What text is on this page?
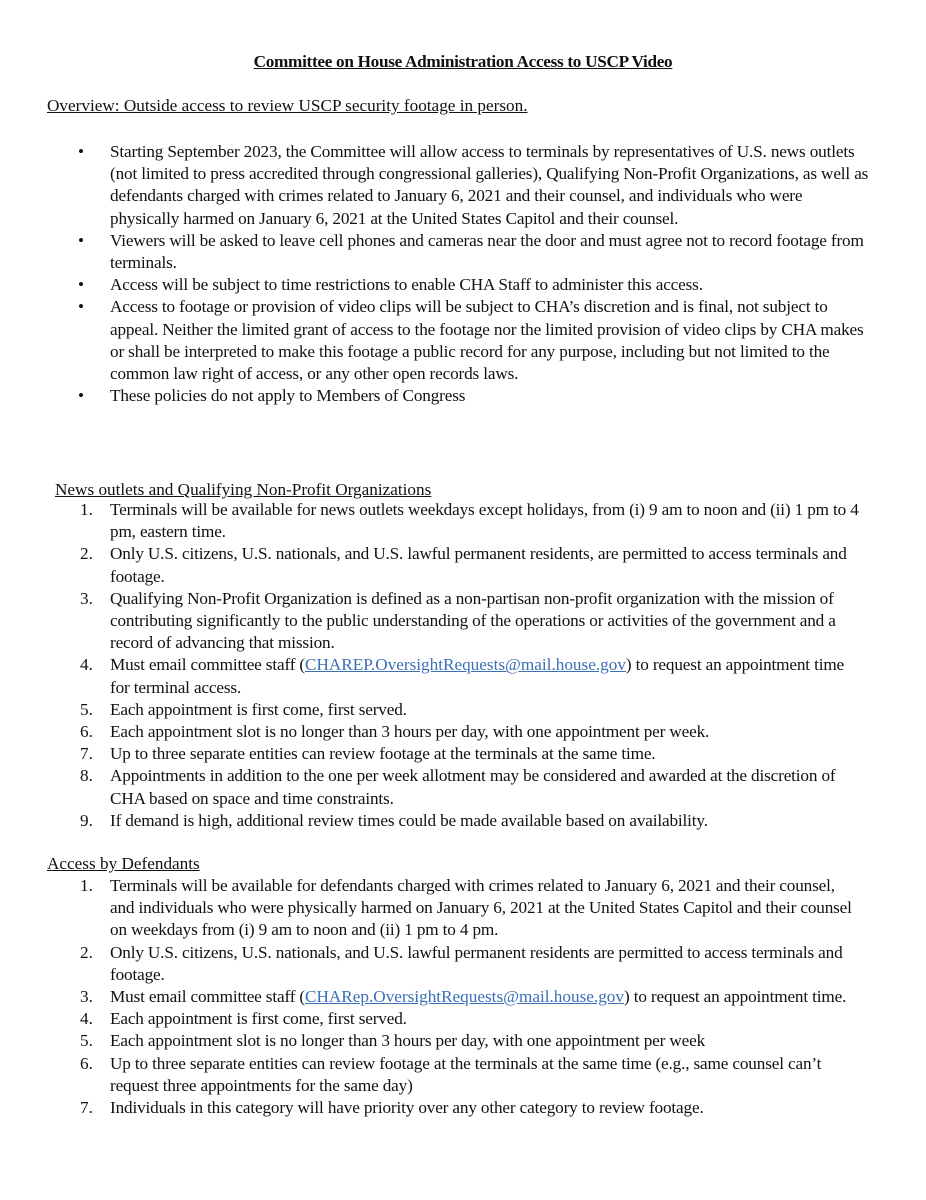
Committee on House Administration Access to USCP Video
Overview: Outside access to review USCP security footage in person.
• Starting September 2023, the Committee will allow access to terminals by representatives of U.S. news outlets (not limited to press accredited through congressional galleries), Qualifying Non-Profit Organizations, as well as defendants charged with crimes related to January 6, 2021 and their counsel, and individuals who were physically harmed on January 6, 2021 at the United States Capitol and their counsel.
• Viewers will be asked to leave cell phones and cameras near the door and must agree not to record footage from terminals.
• Access will be subject to time restrictions to enable CHA Staff to administer this access.
• Access to footage or provision of video clips will be subject to CHA’s discretion and is final, not subject to appeal. Neither the limited grant of access to the footage nor the limited provision of video clips by CHA makes or shall be interpreted to make this footage a public record for any purpose, including but not limited to the common law right of access, or any other open records laws.
• These policies do not apply to Members of Congress
News outlets and Qualifying Non-Profit Organizations
1. Terminals will be available for news outlets weekdays except holidays, from (i) 9 am to noon and (ii) 1 pm to 4 pm, eastern time.
2. Only U.S. citizens, U.S. nationals, and U.S. lawful permanent residents, are permitted to access terminals and footage.
3. Qualifying Non-Profit Organization is defined as a non-partisan non-profit organization with the mission of contributing significantly to the public understanding of the operations or activities of the government and a record of advancing that mission.
4. Must email committee staff (CHAREP.OversightRequests@mail.house.gov) to request an appointment time for terminal access.
5. Each appointment is first come, first served.
6. Each appointment slot is no longer than 3 hours per day, with one appointment per week.
7. Up to three separate entities can review footage at the terminals at the same time.
8. Appointments in addition to the one per week allotment may be considered and awarded at the discretion of CHA based on space and time constraints.
9. If demand is high, additional review times could be made available based on availability.
Access by Defendants
1. Terminals will be available for defendants charged with crimes related to January 6, 2021 and their counsel, and individuals who were physically harmed on January 6, 2021 at the United States Capitol and their counsel on weekdays from (i) 9 am to noon and (ii) 1 pm to 4 pm.
2. Only U.S. citizens, U.S. nationals, and U.S. lawful permanent residents are permitted to access terminals and footage.
3. Must email committee staff (CHARep.OversightRequests@mail.house.gov) to request an appointment time.
4. Each appointment is first come, first served.
5. Each appointment slot is no longer than 3 hours per day, with one appointment per week
6. Up to three separate entities can review footage at the terminals at the same time (e.g., same counsel can’t request three appointments for the same day)
7. Individuals in this category will have priority over any other category to review footage.
